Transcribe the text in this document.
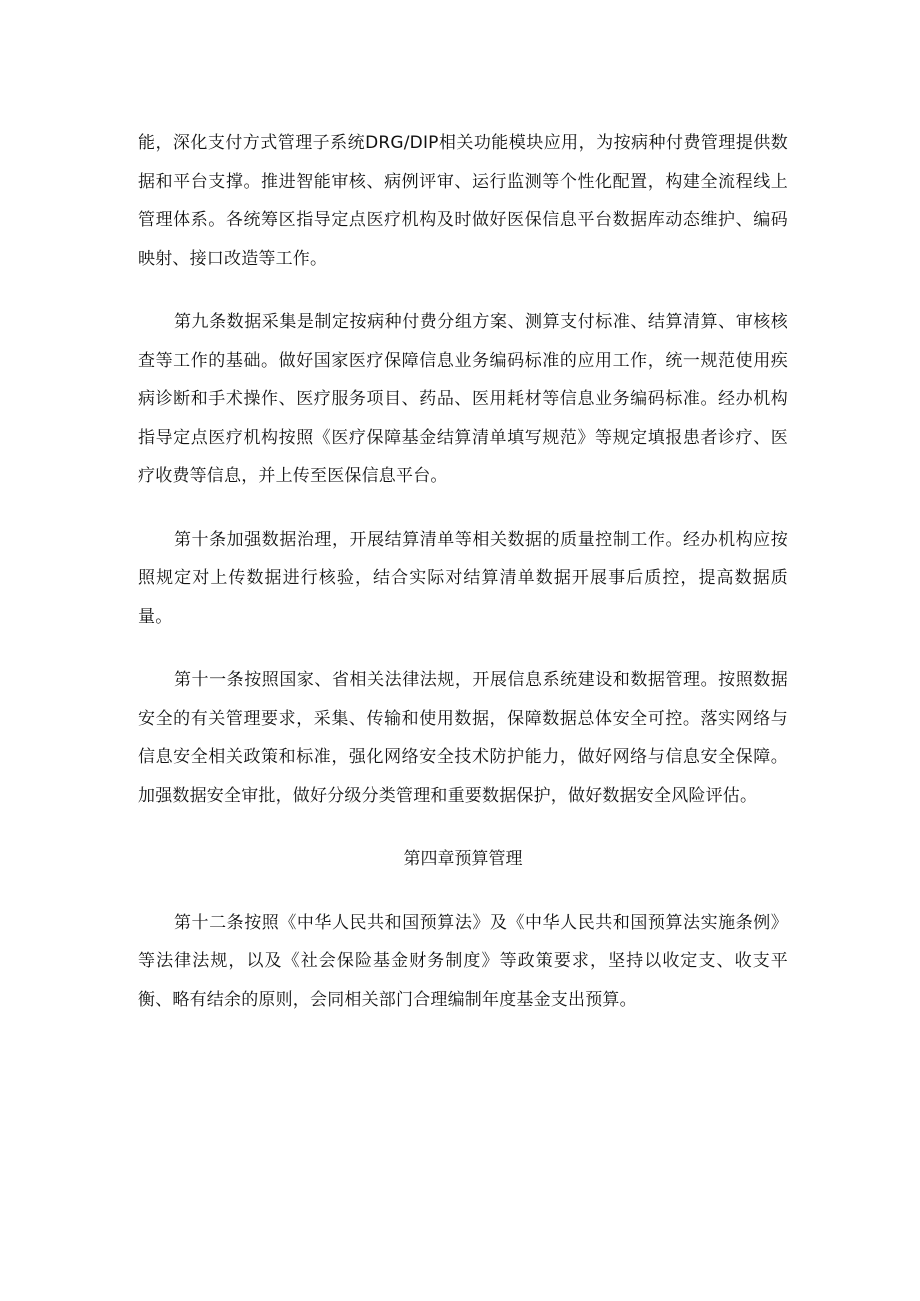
能，深化支付方式管理子系统DRG/DIP相关功能模块应用，为按病种付费管理提供数据和平台支撑。推进智能审核、病例评审、运行监测等个性化配置，构建全流程线上管理体系。各统筹区指导定点医疗机构及时做好医保信息平台数据库动态维护、编码映射、接口改造等工作。

第九条数据采集是制定按病种付费分组方案、测算支付标准、结算清算、审核核查等工作的基础。做好国家医疗保障信息业务编码标准的应用工作，统一规范使用疾病诊断和手术操作、医疗服务项目、药品、医用耗材等信息业务编码标准。经办机构指导定点医疗机构按照《医疗保障基金结算清单填写规范》等规定填报患者诊疗、医疗收费等信息，并上传至医保信息平台。

第十条加强数据治理，开展结算清单等相关数据的质量控制工作。经办机构应按照规定对上传数据进行核验，结合实际对结算清单数据开展事后质控，提高数据质量。

第十一条按照国家、省相关法律法规，开展信息系统建设和数据管理。按照数据安全的有关管理要求，采集、传输和使用数据，保障数据总体安全可控。落实网络与信息安全相关政策和标准，强化网络安全技术防护能力，做好网络与信息安全保障。加强数据安全审批，做好分级分类管理和重要数据保护，做好数据安全风险评估。

第四章预算管理

第十二条按照《中华人民共和国预算法》及《中华人民共和国预算法实施条例》等法律法规，以及《社会保险基金财务制度》等政策要求，坚持以收定支、收支平衡、略有结余的原则，会同相关部门合理编制年度基金支出预算。
